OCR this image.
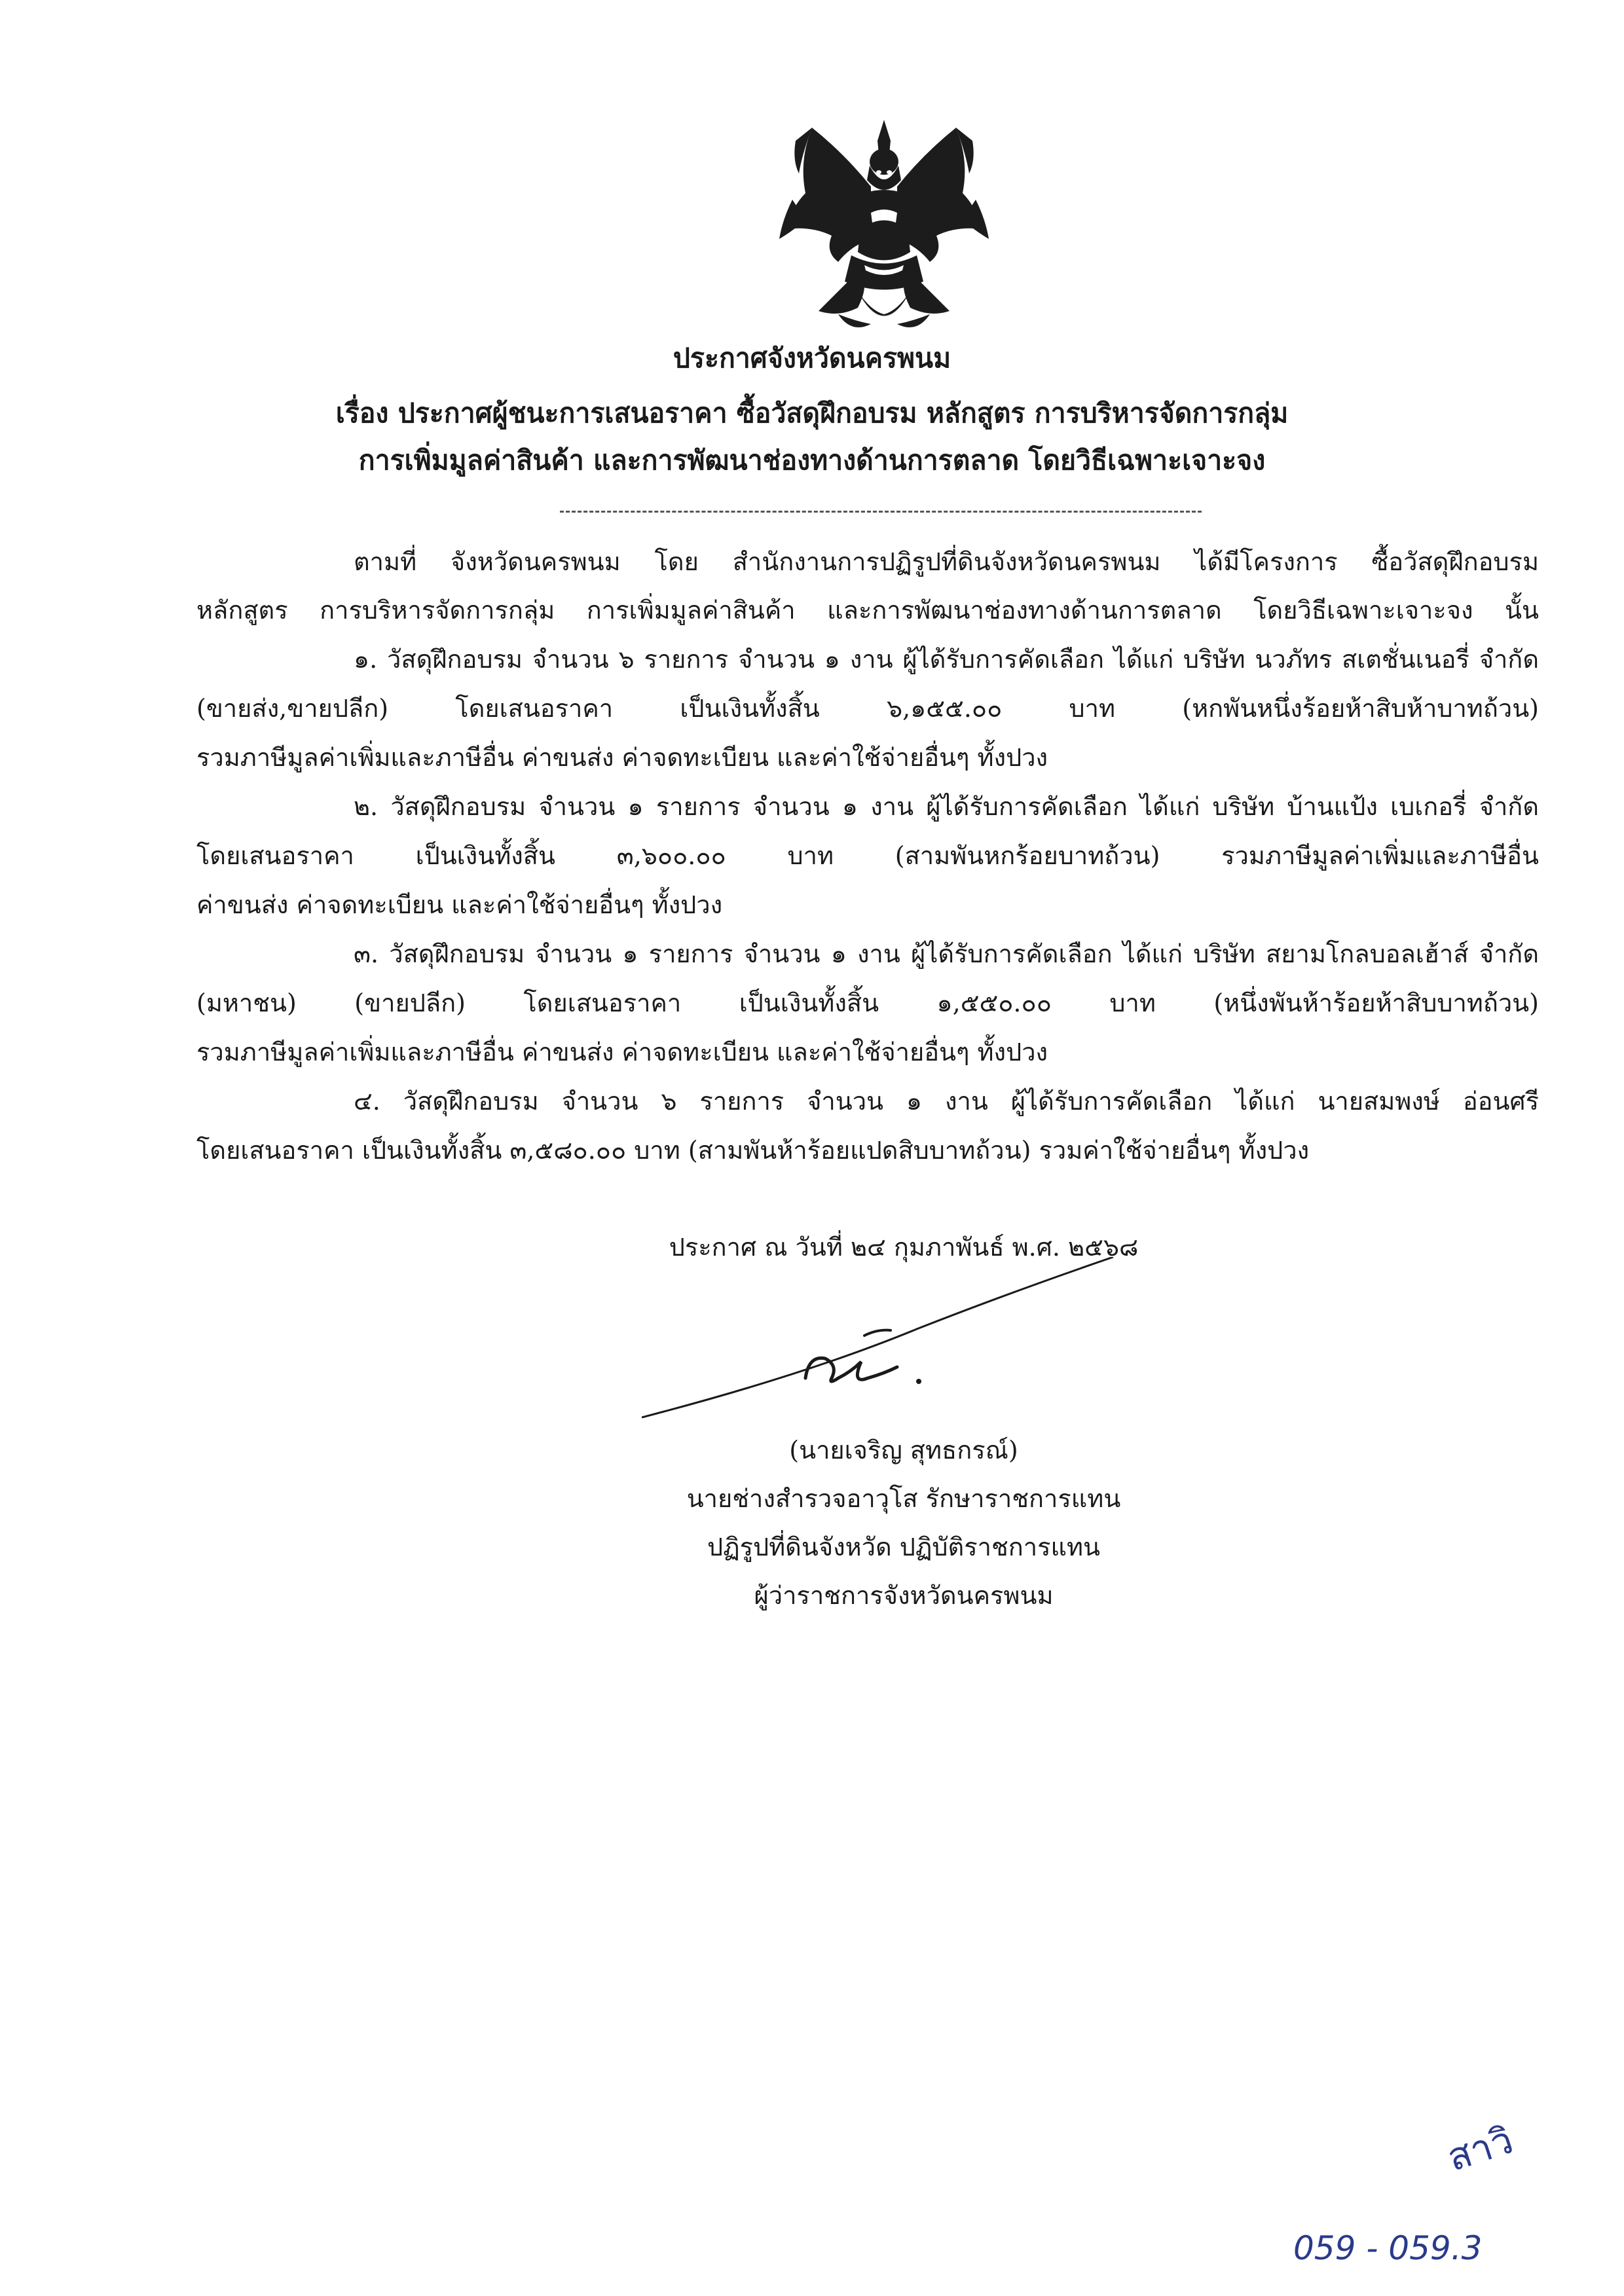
ประกาศจังหวัดนครพนม
เรื่อง ประกาศผู้ชนะการเสนอราคา ซื้อวัสดุฝึกอบรม หลักสูตร การบริหารจัดการกลุ่ม
การเพิ่มมูลค่าสินค้า และการพัฒนาช่องทางด้านการตลาด โดยวิธีเฉพาะเจาะจง
ตามที่ จังหวัดนครพนม โดย สำนักงานการปฏิรูปที่ดินจังหวัดนครพนม ได้มีโครงการ ซื้อวัสดุฝึกอบรม
หลักสูตร การบริหารจัดการกลุ่ม การเพิ่มมูลค่าสินค้า และการพัฒนาช่องทางด้านการตลาด โดยวิธีเฉพาะเจาะจง นั้น
๑. วัสดุฝึกอบรม จำนวน ๖ รายการ จำนวน ๑ งาน ผู้ได้รับการคัดเลือก ได้แก่ บริษัท นวภัทร สเตชั่นเนอรี่ จำกัด
(ขายส่ง,ขายปลีก) โดยเสนอราคา เป็นเงินทั้งสิ้น ๖,๑๕๕.๐๐ บาท (หกพันหนึ่งร้อยห้าสิบห้าบาทถ้วน)
รวมภาษีมูลค่าเพิ่มและภาษีอื่น ค่าขนส่ง ค่าจดทะเบียน และค่าใช้จ่ายอื่นๆ ทั้งปวง
๒. วัสดุฝึกอบรม จำนวน ๑ รายการ จำนวน ๑ งาน ผู้ได้รับการคัดเลือก ได้แก่ บริษัท บ้านแป้ง เบเกอรี่ จำกัด
โดยเสนอราคา เป็นเงินทั้งสิ้น ๓,๖๐๐.๐๐ บาท (สามพันหกร้อยบาทถ้วน) รวมภาษีมูลค่าเพิ่มและภาษีอื่น
ค่าขนส่ง ค่าจดทะเบียน และค่าใช้จ่ายอื่นๆ ทั้งปวง
๓. วัสดุฝึกอบรม จำนวน ๑ รายการ จำนวน ๑ งาน ผู้ได้รับการคัดเลือก ได้แก่ บริษัท สยามโกลบอลเฮ้าส์ จำกัด
(มหาชน) (ขายปลีก) โดยเสนอราคา เป็นเงินทั้งสิ้น ๑,๕๕๐.๐๐ บาท (หนึ่งพันห้าร้อยห้าสิบบาทถ้วน)
รวมภาษีมูลค่าเพิ่มและภาษีอื่น ค่าขนส่ง ค่าจดทะเบียน และค่าใช้จ่ายอื่นๆ ทั้งปวง
๔. วัสดุฝึกอบรม จำนวน ๖ รายการ จำนวน ๑ งาน ผู้ได้รับการคัดเลือก ได้แก่ นายสมพงษ์ อ่อนศรี
โดยเสนอราคา เป็นเงินทั้งสิ้น ๓,๕๘๐.๐๐ บาท (สามพันห้าร้อยแปดสิบบาทถ้วน) รวมค่าใช้จ่ายอื่นๆ ทั้งปวง
ประกาศ ณ วันที่ ๒๔ กุมภาพันธ์ พ.ศ. ๒๕๖๘
(นายเจริญ สุทธกรณ์)
นายช่างสำรวจอาวุโส รักษาราชการแทน
ปฏิรูปที่ดินจังหวัด ปฏิบัติราชการแทน
ผู้ว่าราชการจังหวัดนครพนม
สาวิ
059 - 059.3
